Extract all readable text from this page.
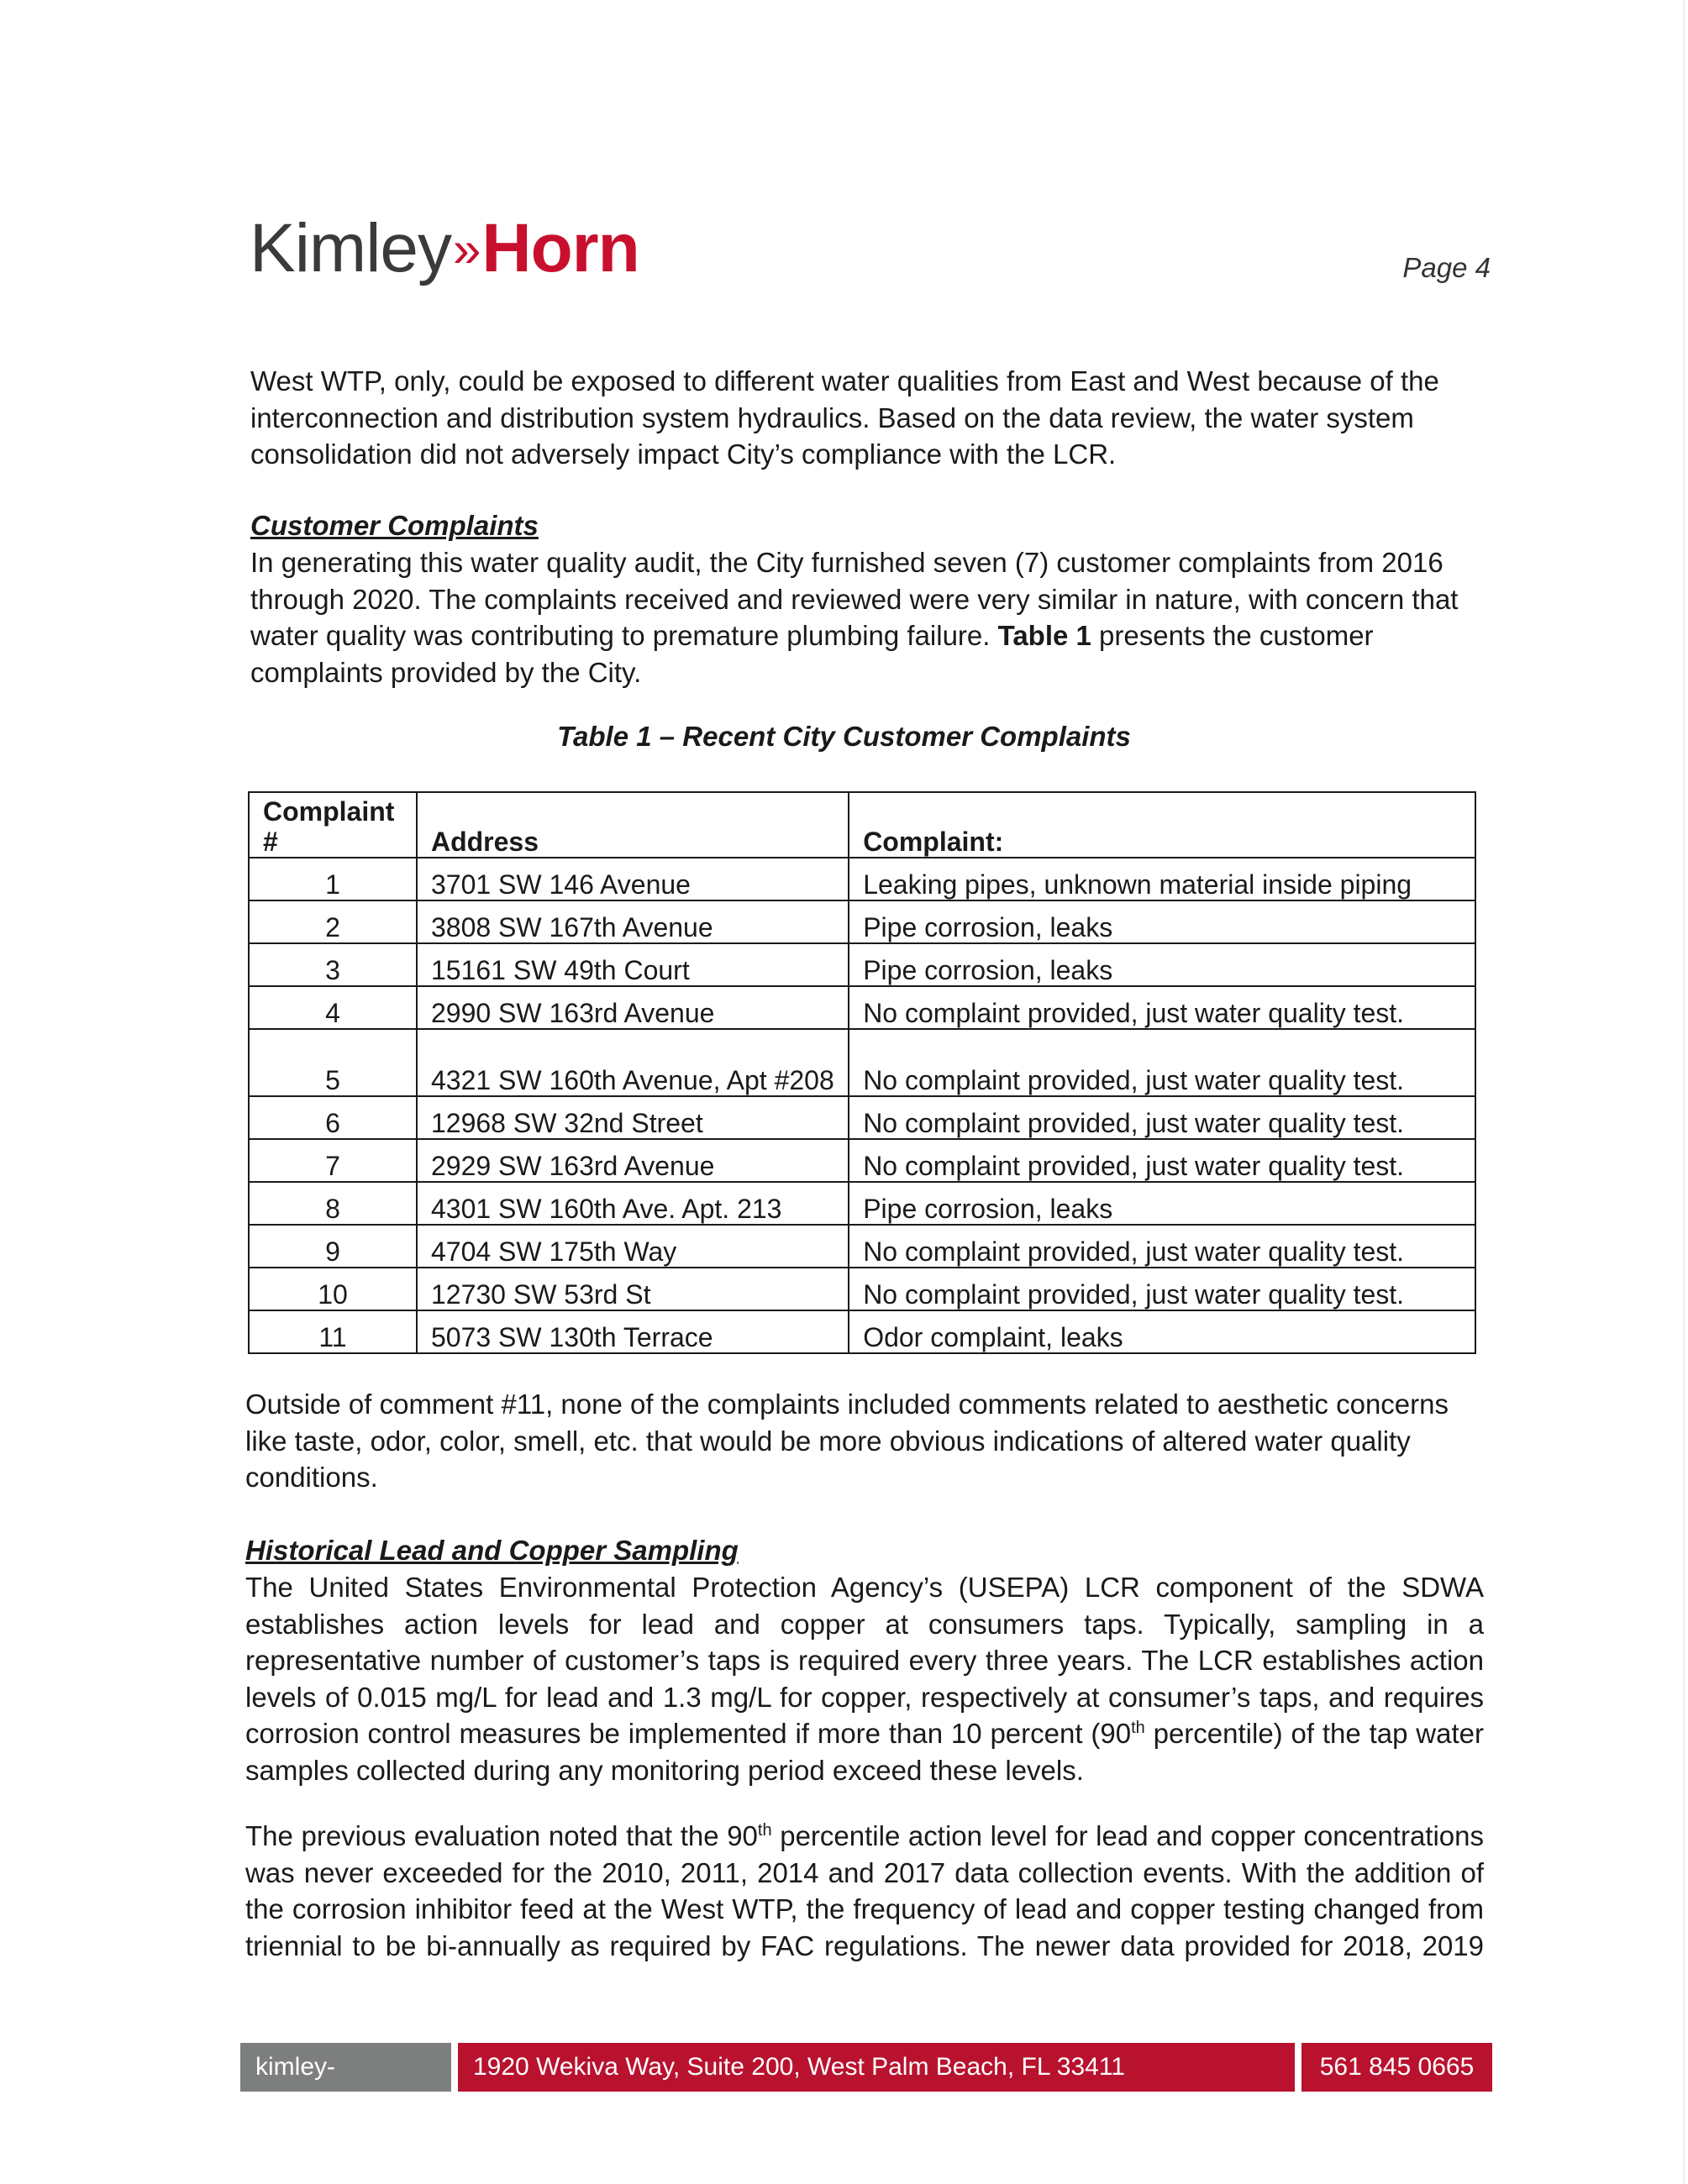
Kimley»Horn	Page 4

West WTP, only, could be exposed to different water qualities from East and West because of the interconnection and distribution system hydraulics. Based on the data review, the water system consolidation did not adversely impact City’s compliance with the LCR.

Customer Complaints

In generating this water quality audit, the City furnished seven (7) customer complaints from 2016 through 2020. The complaints received and reviewed were very similar in nature, with concern that water quality was contributing to premature plumbing failure. Table 1 presents the customer complaints provided by the City.

Table 1 – Recent City Customer Complaints
Complaint #	Address	Complaint:
1	3701 SW 146 Avenue	Leaking pipes, unknown material inside piping
2	3808 SW 167th Avenue	Pipe corrosion, leaks
3	15161 SW 49th Court	Pipe corrosion, leaks
4	2990 SW 163rd Avenue	No complaint provided, just water quality test.
5	4321 SW 160th Avenue, Apt #208	No complaint provided, just water quality test.
6	12968 SW 32nd Street	No complaint provided, just water quality test.
7	2929 SW 163rd Avenue	No complaint provided, just water quality test.
8	4301 SW 160th Ave. Apt. 213	Pipe corrosion, leaks
9	4704 SW 175th Way	No complaint provided, just water quality test.
10	12730 SW 53rd St	No complaint provided, just water quality test.
11	5073 SW 130th Terrace	Odor complaint, leaks

Outside of comment #11, none of the complaints included comments related to aesthetic concerns like taste, odor, color, smell, etc. that would be more obvious indications of altered water quality conditions.

Historical Lead and Copper Sampling

The United States Environmental Protection Agency’s (USEPA) LCR component of the SDWA establishes action levels for lead and copper at consumers taps. Typically, sampling in a representative number of customer’s taps is required every three years. The LCR establishes action levels of 0.015 mg/L for lead and 1.3 mg/L for copper, respectively at consumer’s taps, and requires corrosion control measures be implemented if more than 10 percent (90th percentile) of the tap water samples collected during any monitoring period exceed these levels.

The previous evaluation noted that the 90th percentile action level for lead and copper concentrations was never exceeded for the 2010, 2011, 2014 and 2017 data collection events. With the addition of the corrosion inhibitor feed at the West WTP, the frequency of lead and copper testing changed from triennial to be bi-annually as required by FAC regulations. The newer data provided for 2018, 2019

kimley-horn.com
1920 Wekiva Way, Suite 200, West Palm Beach, FL 33411	561 845 0665
